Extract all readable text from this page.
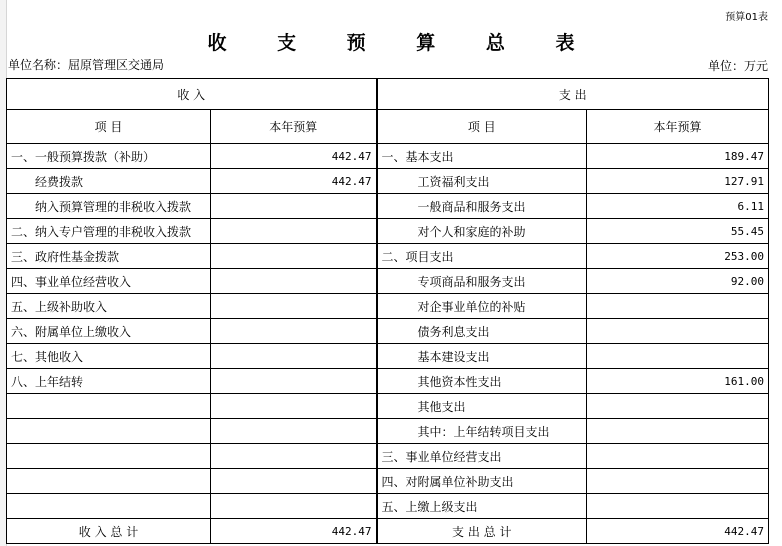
预算01表
收 支 预 算 总 表
单位名称：屈原管理区交通局	单位：万元
收 入		支 出	
项 目	本年预算	项 目	本年预算
一、一般预算拨款（补助）	442.47	一、基本支出	189.47
经费拨款	442.47	工资福利支出	127.91
纳入预算管理的非税收入拨款		一般商品和服务支出	6.11
二、纳入专户管理的非税收入拨款		对个人和家庭的补助	55.45
三、政府性基金拨款		二、项目支出	253.00
四、事业单位经营收入		专项商品和服务支出	92.00
五、上级补助收入		对企事业单位的补贴	
六、附属单位上缴收入		债务利息支出	
七、其他收入		基本建设支出	
八、上年结转		其他资本性支出	161.00
		其他支出	
		其中：上年结转项目支出	
		三、事业单位经营支出	
		四、对附属单位补助支出	
		五、上缴上级支出	
收 入 总 计	442.47	支 出 总 计	442.47
